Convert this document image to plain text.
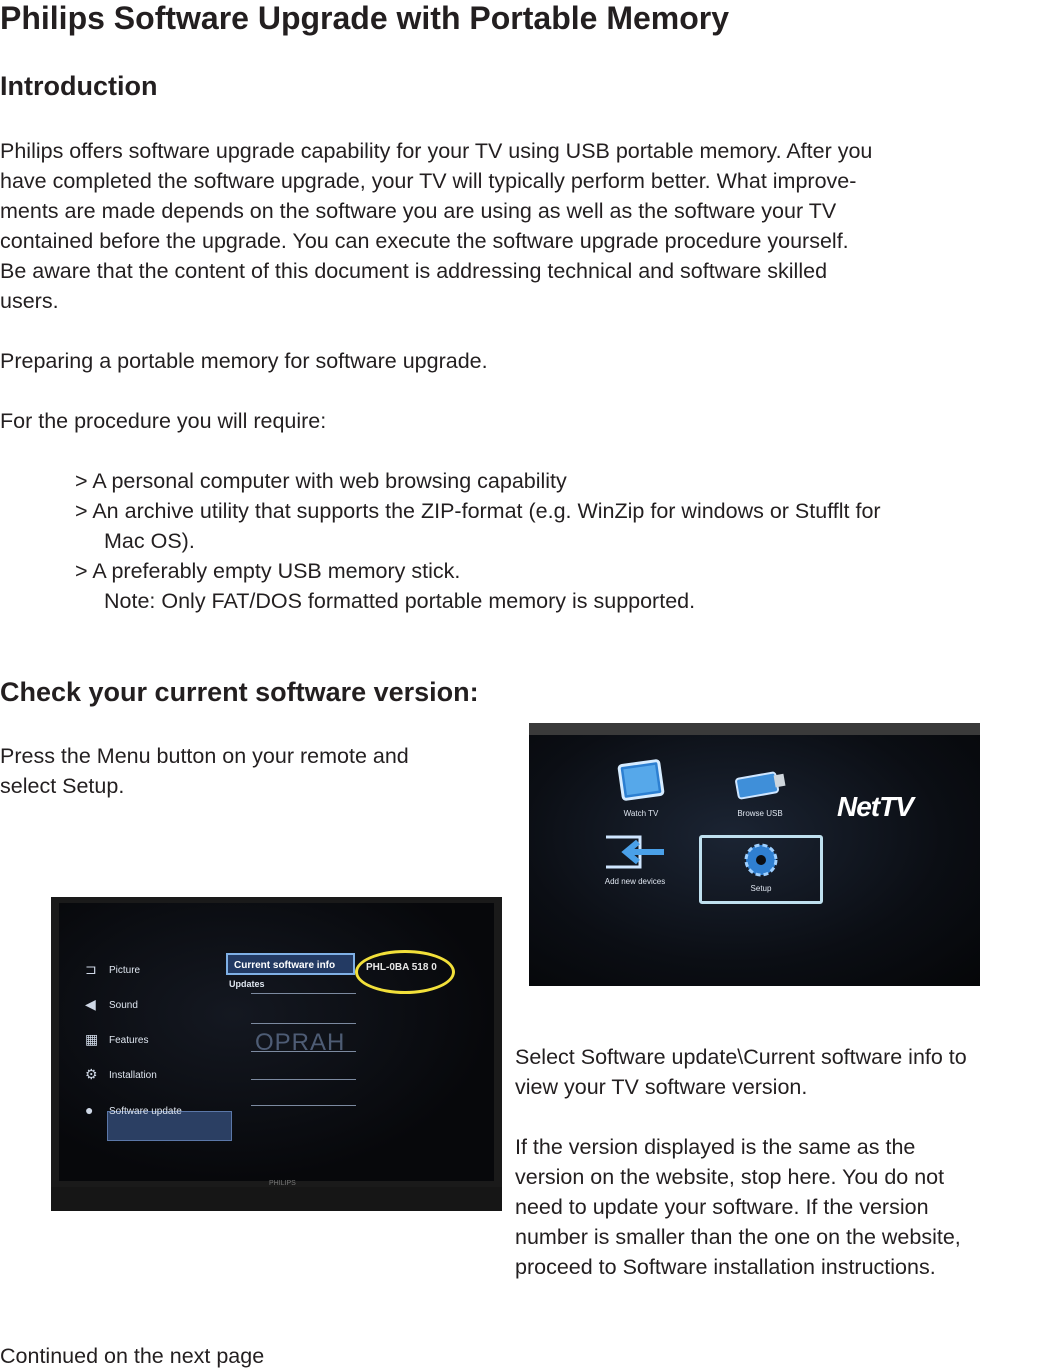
Philips Software Upgrade with Portable Memory
Introduction
Philips offers software upgrade capability for your TV using USB portable memory. After you
have completed the software upgrade, your TV will typically perform better. What improve-
ments are made depends on the software you are using as well as the software your TV
contained before the upgrade. You can execute the software upgrade procedure yourself.
Be aware that the content of this document is addressing technical and software skilled
users.
Preparing a portable memory for software upgrade.
For the procedure you will require:
> A personal computer with web browsing capability
> An archive utility that supports the ZIP-format (e.g. WinZip for windows or Stufflt for
Mac OS).
> A preferably empty USB memory stick.
Note: Only FAT/DOS formatted portable memory is supported.
Check your current software version:
Press the Menu button on your remote and
select Setup.
Watch TV	Browse USB	NetTV
Add new devices
Setup
⊐	Picture
◀	Sound
▦ Features
⚙	Installation
●	Software update
Current software info
Updates
OPRAH
PHL-0BA 518 0
PHILIPS
Select Software update\Current software info to
view your TV software version.
If the version displayed is the same as the
version on the website, stop here. You do not
need to update your software. If the version
number is smaller than the one on the website,
proceed to Software installation instructions.
Continued on the next page
